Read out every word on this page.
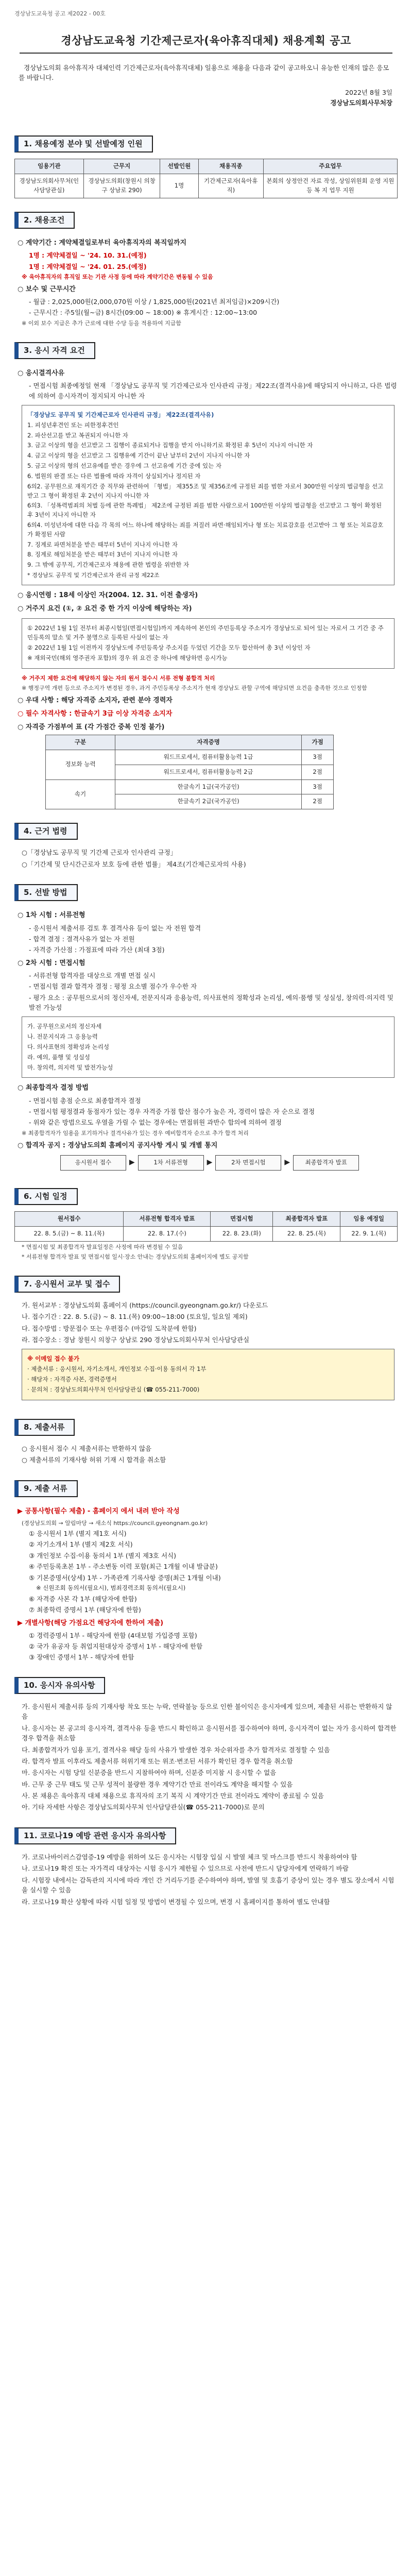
경상남도교육청 공고 제2022 - 00호
경상남도교육청 기간제근로자(육아휴직대체) 채용계획 공고
경상남도의회 유아휴직자 대체인력 기간제근로자(육아휴직대체) 일용으로 채용을 다음과 같이 공고하오니 유능한 인재의 많은 응모를 바랍니다.
2022년 8월 3일
경상남도의회사무처장
1. 채용예정 분야 및 선발예정 인원
임용기관	근무지	선발인원	채용직종	주요업무
경상남도의회사무처(인사담당관실)	경상남도의회(창원시 의창구 상남로 290)	1명	기간제근로자(육아휴직)	본회의 상정안건 자료 작성, 상임위원회 운영 지원 등 복 지 업무 지원
2. 채용조건
○ 계약기간 : 계약체결일로부터 육아휴직자의 복직일까지
1명 : 계약체결일 ~ '24. 10. 31.(예정)
1명 : 계약체결일 ~ '24. 01. 25.(예정)
※ 육아휴직자의 휴직일 또는 기관 사정 등에 따라 계약기간은 변동될 수 있음
○ 보수 및 근무시간
- 월급 : 2,025,000원(2,000,070원 이상 / 1,825,000원(2021년 최저임금)×209시간)
- 근무시간 : 주5일(월~금) 8시간(09:00 ~ 18:00) ※ 휴게시간 : 12:00~13:00
※ 이외 보수 지급은 추가 근로에 대한 수당 등을 적용하여 지급함
3. 응시 자격 요건
○ 응시결격사유
- 면접시험 최종예정일 현재 「경상남도 공무직 및 기간제근로자 인사관리 규정」제22조(결격사유)에 해당되지 아니하고, 다른 법령에 의하여 응시자격이 정지되지 아니한 자
「경상남도 공무직 및 기간제근로자 인사관리 규정」 제22조(결격사유)
1. 피성년후견인 또는 피한정후견인
2. 파산선고를 받고 복권되지 아니한 자
3. 금고 이상의 형을 선고받고 그 집행이 종료되거나 집행을 받지 아니하기로 확정된 후 5년이 지나지 아니한 자
4. 금고 이상의 형을 선고받고 그 집행유예 기간이 끝난 날부터 2년이 지나지 아니한 자
5. 금고 이상의 형의 선고유예를 받은 경우에 그 선고유예 기간 중에 있는 자
6. 법원의 판결 또는 다른 법률에 따라 자격이 상실되거나 정지된 자
6의2. 공무원으로 재직기간 중 직무와 관련하여 「형법」 제355조 및 제356조에 규정된 죄를 범한 자로서 300만원 이상의 벌금형을 선고받고 그 형이 확정된 후 2년이 지나지 아니한 자
6의3. 「성폭력범죄의 처벌 등에 관한 특례법」 제2조에 규정된 죄를 범한 사람으로서 100만원 이상의 벌금형을 선고받고 그 형이 확정된 후 3년이 지나지 아니한 자
6의4. 미성년자에 대한 다음 각 목의 어느 하나에 해당하는 죄를 저질러 파면·해임되거나 형 또는 치료감호를 선고받아 그 형 또는 치료감호가 확정된 사람
7. 징계로 파면처분을 받은 때부터 5년이 지나지 아니한 자
8. 징계로 해임처분을 받은 때부터 3년이 지나지 아니한 자
9. 그 밖에 공무직, 기간제근로자 채용에 관한 법령을 위반한 자
* 경상남도 공무직 및 기간제근로자 관리 규정 제22조
○ 응시연령 : 18세 이상인 자(2004. 12. 31. 이전 출생자)
○ 거주지 요건 (①, ② 요건 중 한 가지 이상에 해당하는 자)
① 2022년 1월 1일 전부터 최종시험일(면접시험일)까지 계속하여 본인의 주민등록상 주소지가 경상남도로 되어 있는 자로서 그 기간 중 주민등록의 말소 및 거주 불명으로 등록된 사실이 없는 자
② 2022년 1월 1일 이전까지 경상남도에 주민등록상 주소지를 두었던 기간을 모두 합산하여 총 3년 이상인 자
※ 재외국민(해외 영주권자 포함)의 경우 위 요건 중 하나에 해당하면 응시가능
※ 거주지 제한 요건에 해당하지 않는 자의 원서 접수시 서류 전형 불합격 처리
※ 행정구역 개편 등으로 주소지가 변경된 경우, 과거 주민등록상 주소지가 현재 경상남도 관할 구역에 해당되면 요건을 충족한 것으로 인정함
○ 우대 사항 : 해당 자격증 소지자, 관련 분야 경력자
○ 필수 자격사항 : 한글속기 3급 이상 자격증 소지자
○ 자격증 가점부여 표 (각 가점간 중복 인정 불가)
구분	자격증명	가점
정보화 능력	워드프로세서, 컴퓨터활용능력 1급	3점
	워드프로세서, 컴퓨터활용능력 2급	2점
속기	한글속기 1급(국가공인)	3점
	한글속기 2급(국가공인)	2점
4. 근거 법령
○「경상남도 공무직 및 기간제 근로자 인사관리 규정」
○「기간제 및 단시간근로자 보호 등에 관한 법률」 제4조(기간제근로자의 사용)
5. 선발 방법
○ 1차 시험 : 서류전형
- 응시원서 제출서류 검토 후 결격사유 등이 없는 자 전원 합격
- 합격 결정 : 결격사유가 없는 자 전원
- 자격증 가산점 : 가점표에 따라 가산 (최대 3점)
○ 2차 시험 : 면접시험
- 서류전형 합격자를 대상으로 개별 면접 실시
- 면접시험 결과 합격자 결정 : 평정 요소별 점수가 우수한 자
- 평가 요소 : 공무원으로서의 정신자세, 전문지식과 응용능력, 의사표현의 정확성과 논리성, 예의·품행 및 성실성, 창의력·의지력 및 발전 가능성
가. 공무원으로서의 정신자세
나. 전문지식과 그 응용능력
다. 의사표현의 정확성과 논리성
라. 예의, 품행 및 성실성
마. 창의력, 의지력 및 발전가능성
○ 최종합격자 결정 방법
- 면접시험 총점 순으로 최종합격자 결정
- 면접시험 평정결과 동점자가 있는 경우 자격증 가점 합산 점수가 높은 자, 경력이 많은 자 순으로 결정
- 위와 같은 방법으로도 우열을 가릴 수 없는 경우에는 면접위원 과반수 합의에 의하여 결정
※ 최종합격자가 임용을 포기하거나 결격사유가 있는 경우 예비합격자 순으로 추가 합격 처리
○ 합격자 공지 : 경상남도의회 홈페이지 공지사항 게시 및 개별 통지
응시원서 접수	▶	1차 서류전형	▶	2차 면접시험	▶	최종합격자 발표
6. 시험 일정
원서접수	서류전형 합격자 발표	면접시험	최종합격자 발표	임용 예정일
22. 8. 5.(금) ~ 8. 11.(목)	22. 8. 17.(수)	22. 8. 23.(화)	22. 8. 25.(목)	22. 9. 1.(목)
* 면접시험 및 최종합격자 발표일정은 사정에 따라 변경될 수 있음
* 서류전형 합격자 발표 및 면접시험 일시·장소 안내는 경상남도의회 홈페이지에 별도 공지함
7. 응시원서 교부 및 접수
가. 원서교부 : 경상남도의회 홈페이지 (https://council.gyeongnam.go.kr/) 다운로드
나. 접수기간 : 22. 8. 5.(금) ~ 8. 11.(목) 09:00~18:00 (토요일, 일요일 제외)
다. 접수방법 : 방문접수 또는 우편접수 (마감일 도착분에 한함)
라. 접수장소 : 경남 창원시 의창구 상남로 290 경상남도의회사무처 인사담당관실
※ 이메일 접수 불가
· 제출서류 : 응시원서, 자기소개서, 개인정보 수집·이용 동의서 각 1부
· 해당자 : 자격증 사본, 경력증명서
· 문의처 : 경상남도의회사무처 인사담당관실 (☎ 055-211-7000)
8. 제출서류
○ 응시원서 접수 시 제출서류는 반환하지 않음
○ 제출서류의 기재사항 허위 기재 시 합격을 취소함
9. 제출 서류
▶ 공통사항(필수 제출) - 홈페이지 에서 내려 받아 작성
(경상남도의회 → 알림마당 → 새소식 https://council.gyeongnam.go.kr)
① 응시원서 1부 (별지 제1호 서식)
② 자기소개서 1부 (별지 제2호 서식)
③ 개인정보 수집·이용 동의서 1부 (별지 제3호 서식)
④ 주민등록초본 1부 - 주소변동 이력 포함(최근 1개월 이내 발급분)
⑤ 기본증명서(상세) 1부 - 가족관계 기록사항 증명(최근 1개월 이내)
※ 신원조회 동의서(필요시), 범죄경력조회 동의서(필요시)
⑥ 자격증 사본 각 1부 (해당자에 한함)
⑦ 최종학력 증명서 1부 (해당자에 한함)
▶ 개별사항(해당 가점요건 해당자에 한하여 제출)
① 경력증명서 1부 - 해당자에 한함 (4대보험 가입증명 포함)
② 국가 유공자 등 취업지원대상자 증명서 1부 - 해당자에 한함
③ 장애인 증명서 1부 - 해당자에 한함
10. 응시자 유의사항
가. 응시원서 제출서류 등의 기재사항 착오 또는 누락, 연락불능 등으로 인한 불이익은 응시자에게 있으며, 제출된 서류는 반환하지 않음
나. 응시자는 본 공고의 응시자격, 결격사유 등을 반드시 확인하고 응시원서를 접수하여야 하며, 응시자격이 없는 자가 응시하여 합격한 경우 합격을 취소함
다. 최종합격자가 임용 포기, 결격사유 해당 등의 사유가 발생한 경우 차순위자를 추가 합격자로 결정할 수 있음
라. 합격자 발표 이후라도 제출서류 허위기재 또는 위조·변조된 서류가 확인된 경우 합격을 취소함
마. 응시자는 시험 당일 신분증을 반드시 지참하여야 하며, 신분증 미지참 시 응시할 수 없음
바. 근무 중 근무 태도 및 근무 성적이 불량한 경우 계약기간 만료 전이라도 계약을 해지할 수 있음
사. 본 채용은 육아휴직 대체 채용으로 휴직자의 조기 복직 시 계약기간 만료 전이라도 계약이 종료될 수 있음
아. 기타 자세한 사항은 경상남도의회사무처 인사담당관실(☎ 055-211-7000)로 문의
11. 코로나19 예방 관련 응시자 유의사항
가. 코로나바이러스감염증-19 예방을 위하여 모든 응시자는 시험장 입실 시 발열 체크 및 마스크를 반드시 착용하여야 함
나. 코로나19 확진 또는 자가격리 대상자는 시험 응시가 제한될 수 있으므로 사전에 반드시 담당자에게 연락하기 바람
다. 시험장 내에서는 감독관의 지시에 따라 개인 간 거리두기를 준수하여야 하며, 발열 및 호흡기 증상이 있는 경우 별도 장소에서 시험을 실시할 수 있음
라. 코로나19 확산 상황에 따라 시험 일정 및 방법이 변경될 수 있으며, 변경 시 홈페이지를 통하여 별도 안내함
